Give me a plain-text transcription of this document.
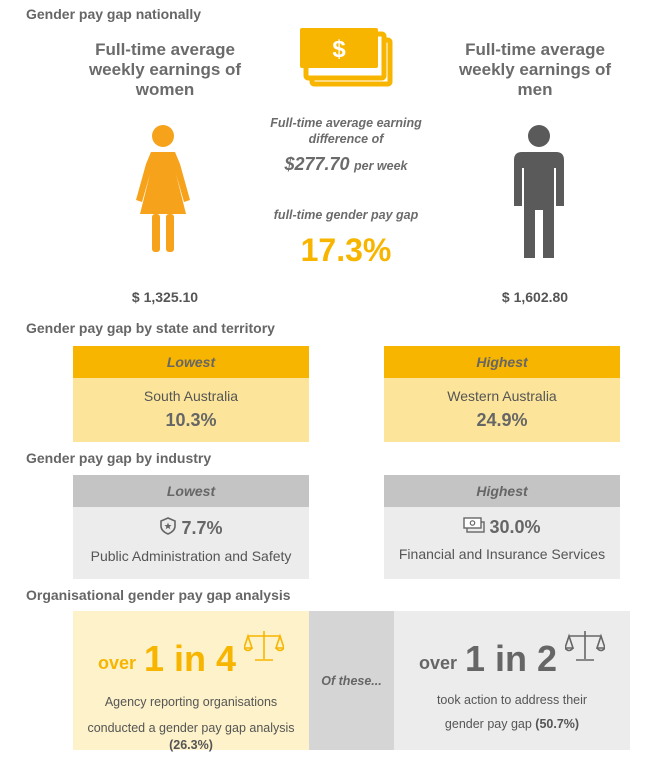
Gender pay gap nationally
Full-time average weekly earnings of women
Full-time average weekly earnings of men
$
Full-time average earning difference of
$277.70 per week
full-time gender pay gap
17.3%
$ 1,325.10	$ 1,602.80
Gender pay gap by state and territory
Lowest
South Australia
10.3%
Highest
Western Australia
24.9%
Gender pay gap by industry
Lowest
7.7%
Public Administration and Safety
Highest
30.0%
Financial and Insurance Services
Organisational gender pay gap analysis
over 1 in 4
Agency reporting organisations
conducted a gender pay gap analysis
(26.3%)
Of these...
over 1 in 2
took action to address their
gender pay gap (50.7%)
